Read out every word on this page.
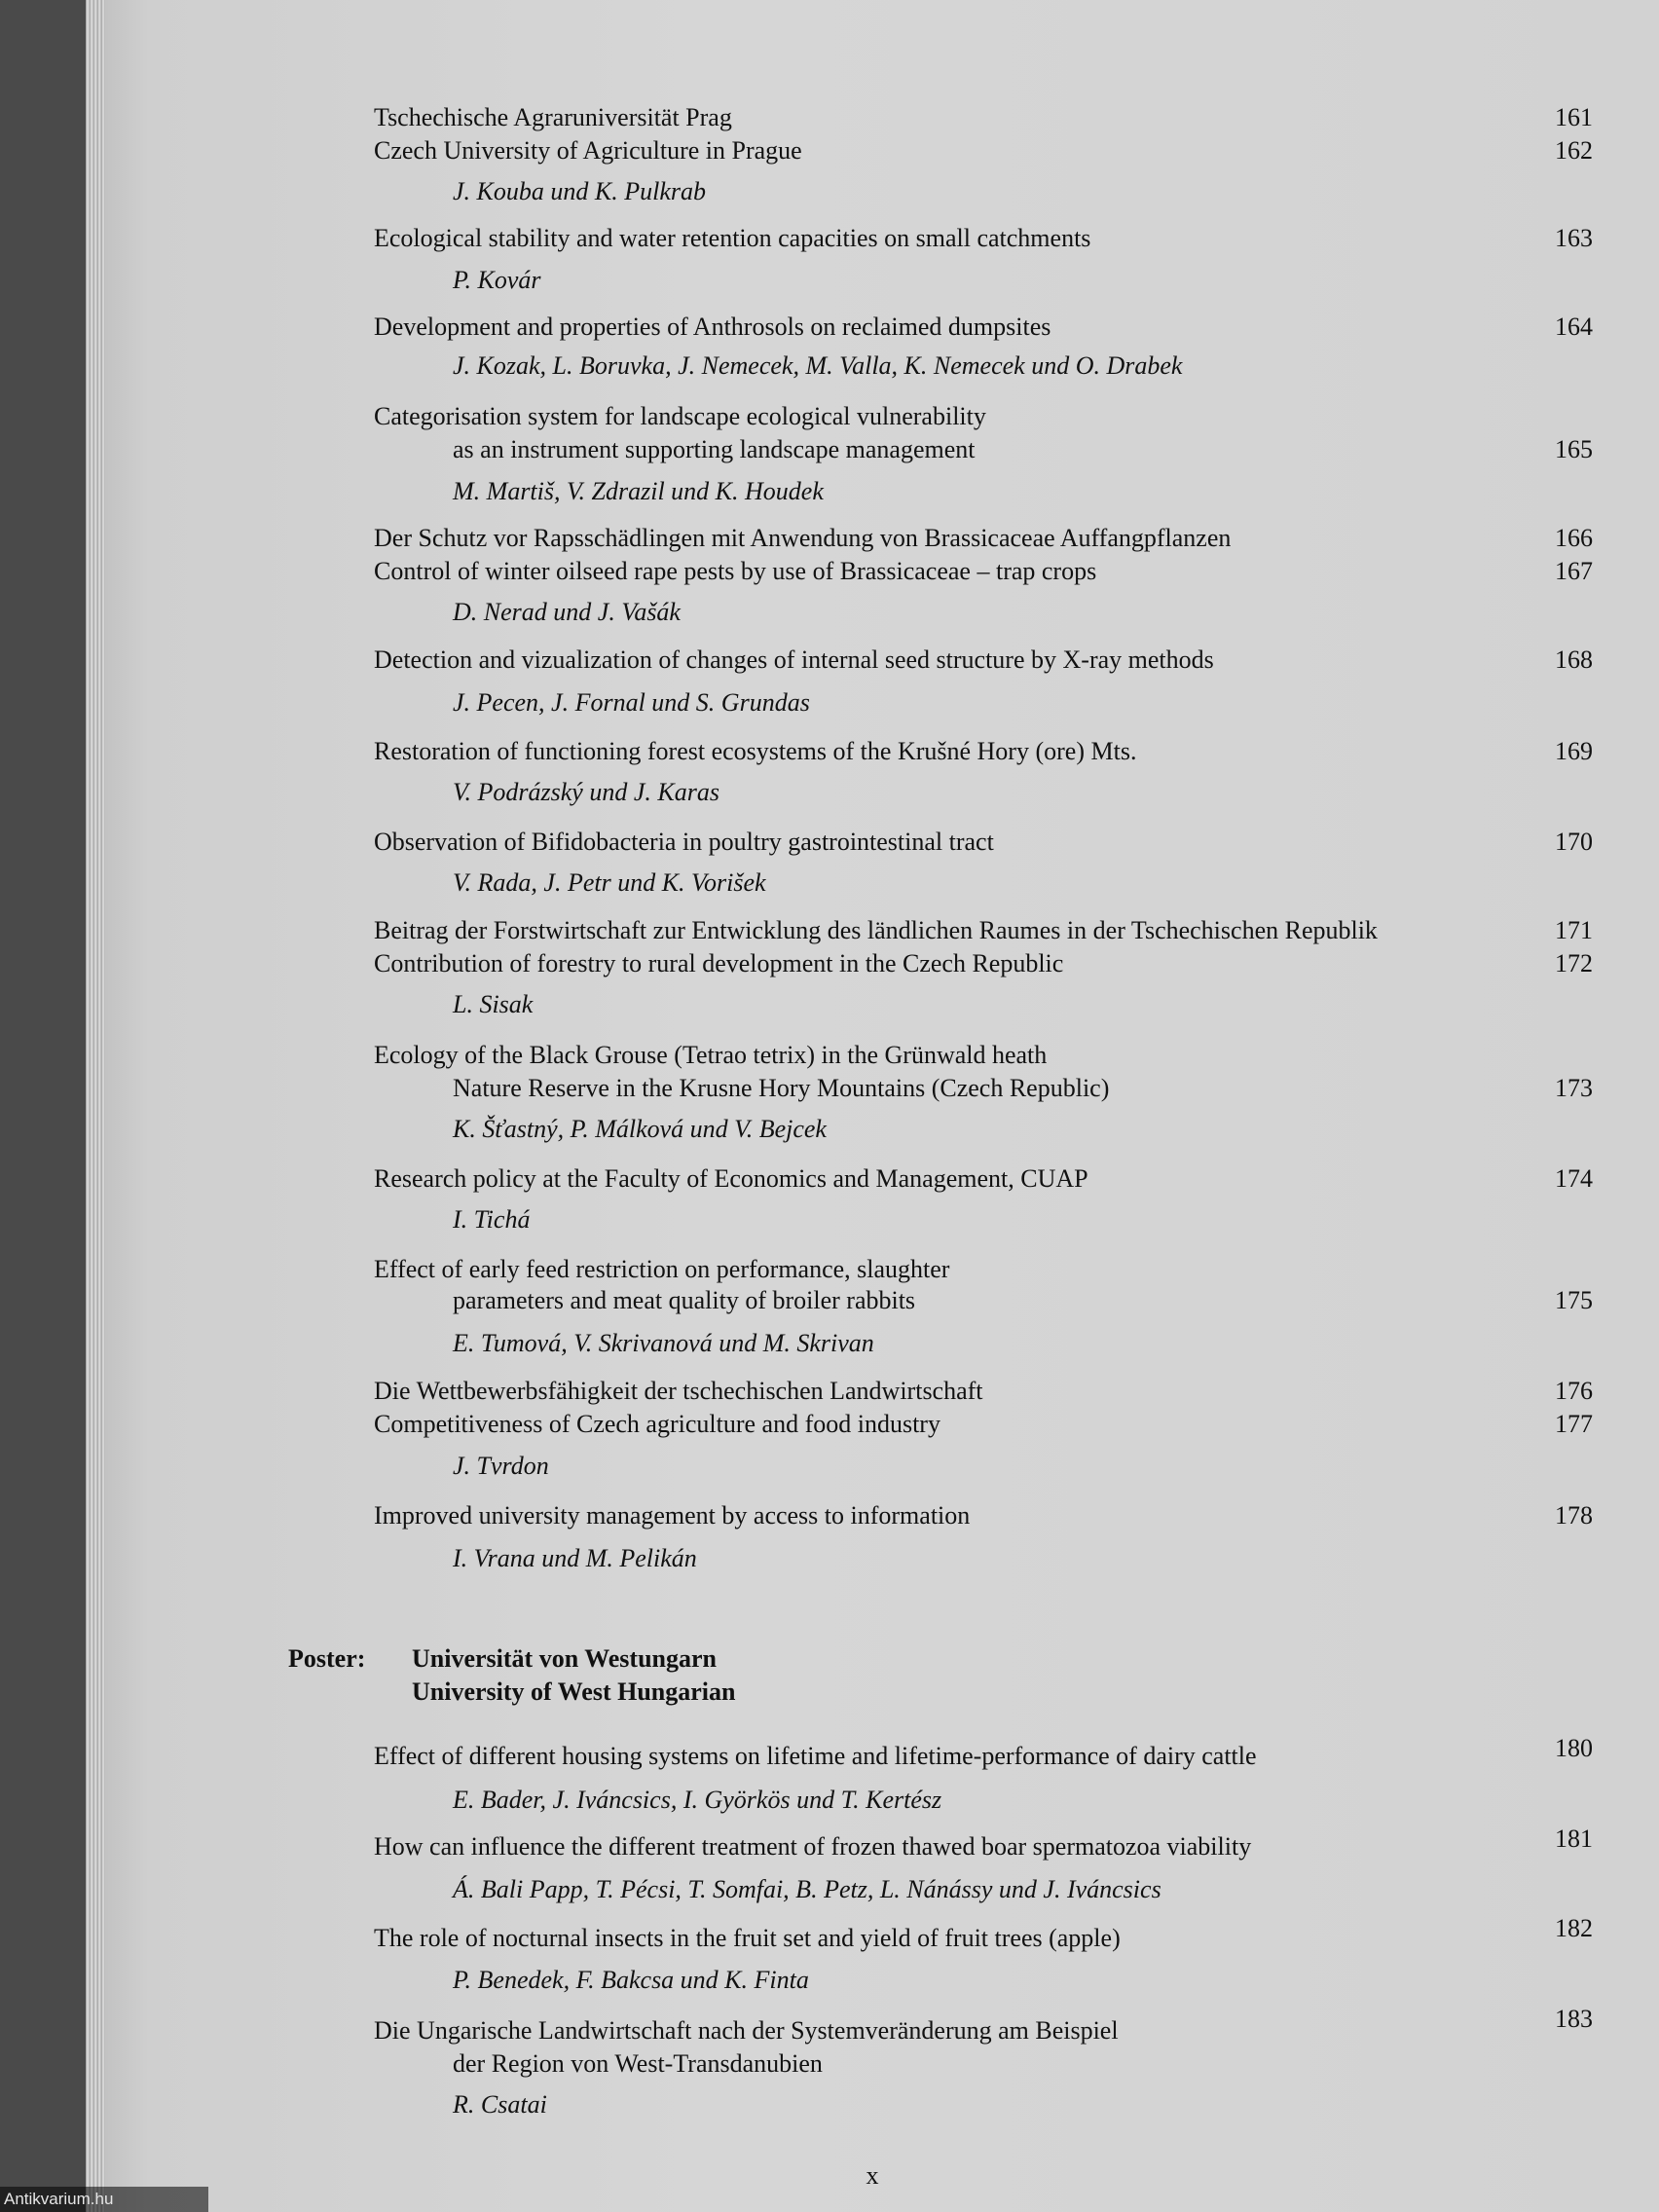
Tschechische Agraruniversität Prag	161
Czech University of Agriculture in Prague	162
J. Kouba und K. Pulkrab
Ecological stability and water retention capacities on small catchments	163
P. Kovár
Development and properties of Anthrosols on reclaimed dumpsites	164
J. Kozak, L. Boruvka, J. Nemecek, M. Valla, K. Nemecek und O. Drabek
Categorisation system for landscape ecological vulnerability
as an instrument supporting landscape management	165
M. Martiš, V. Zdrazil und K. Houdek
Der Schutz vor Rapsschädlingen mit Anwendung von Brassicaceae Auffangpflanzen	166
Control of winter oilseed rape pests by use of Brassicaceae – trap crops	167
D. Nerad und J. Vašák
Detection and vizualization of changes of internal seed structure by X-ray methods	168
J. Pecen, J. Fornal und S. Grundas
Restoration of functioning forest ecosystems of the Krušné Hory (ore) Mts.	169
V. Podrázský und J. Karas
Observation of Bifidobacteria in poultry gastrointestinal tract	170
V. Rada, J. Petr und K. Vorišek
Beitrag der Forstwirtschaft zur Entwicklung des ländlichen Raumes in der Tschechischen Republik	171
Contribution of forestry to rural development in the Czech Republic	172
L. Sisak
Ecology of the Black Grouse (Tetrao tetrix) in the Grünwald heath
Nature Reserve in the Krusne Hory Mountains (Czech Republic)	173
K. Šťastný, P. Málková und V. Bejcek
Research policy at the Faculty of Economics and Management, CUAP	174
I. Tichá
Effect of early feed restriction on performance, slaughter
parameters and meat quality of broiler rabbits	175
E. Tumová, V. Skrivanová und M. Skrivan
Die Wettbewerbsfähigkeit der tschechischen Landwirtschaft	176
Competitiveness of Czech agriculture and food industry	177
J. Tvrdon
Improved university management by access to information	178
I. Vrana und M. Pelikán
Poster: Universität von Westungarn
University of West Hungarian
Effect of different housing systems on lifetime and lifetime-performance of dairy cattle	180
E. Bader, J. Iváncsics, I. Györkös und T. Kertész
How can influence the different treatment of frozen thawed boar spermatozoa viability	181
Á. Bali Papp, T. Pécsi, T. Somfai, B. Petz, L. Nánássy und J. Iváncsics
The role of nocturnal insects in the fruit set and yield of fruit trees (apple)	182
P. Benedek, F. Bakcsa und K. Finta
Die Ungarische Landwirtschaft nach der Systemveränderung am Beispiel	183
der Region von West-Transdanubien
R. Csatai
x
Antikvarium.hu
